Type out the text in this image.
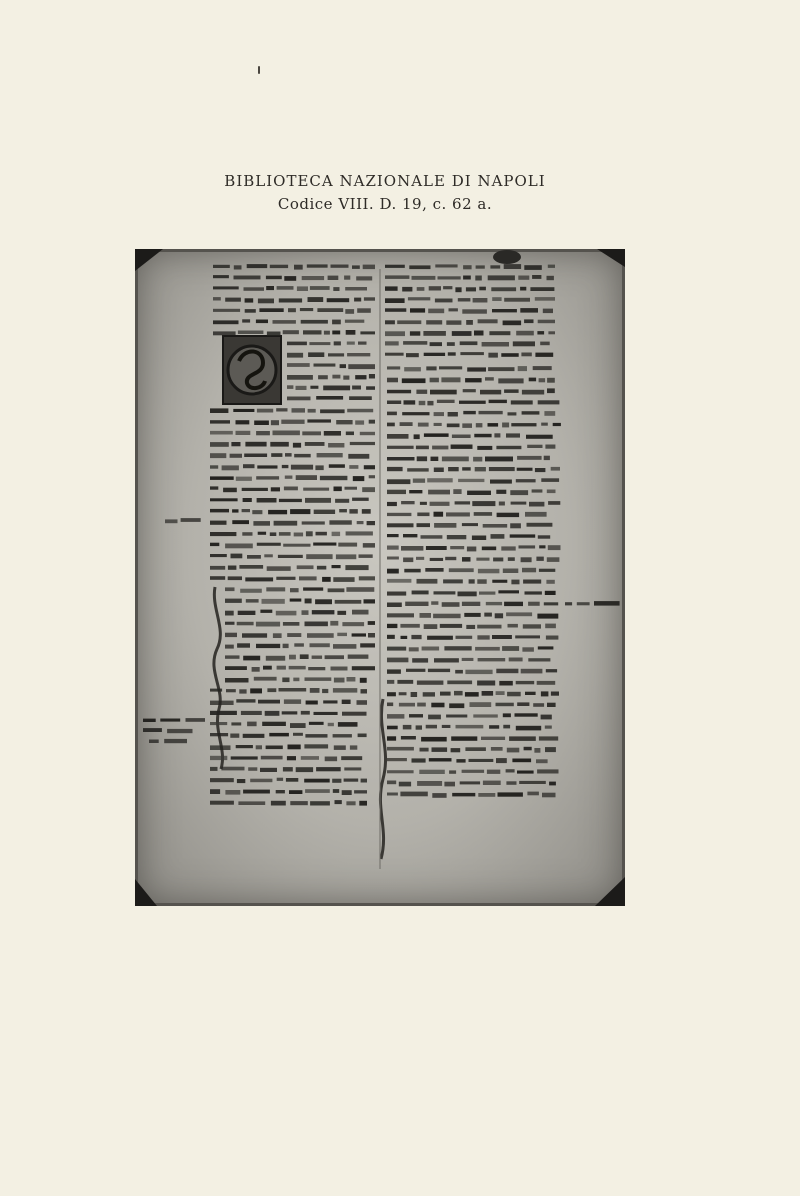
BIBLIOTECA NAZIONALE DI NAPOLI
Codice VIII. D. 19, c. 62 a.
